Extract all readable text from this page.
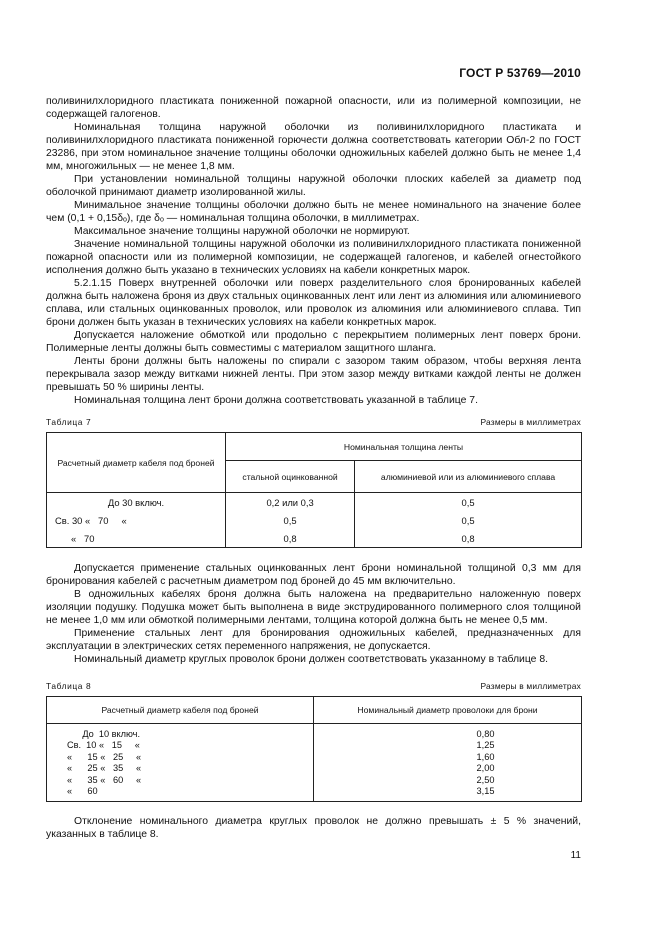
ГОСТ Р 53769—2010

поливинилхлоридного пластиката пониженной пожарной опасности, или из полимерной композиции, не содержащей галогенов.

Номинальная толщина наружной оболочки из поливинилхлоридного пластиката и поливинилхлоридного пластиката пониженной горючести должна соответствовать категории Обл-2 по ГОСТ 23286, при этом номинальное значение толщины оболочки одножильных кабелей должно быть не менее 1,4 мм, многожильных — не менее 1,8 мм.

При установлении номинальной толщины наружной оболочки плоских кабелей за диаметр под оболочкой принимают диаметр изолированной жилы.

Минимальное значение толщины оболочки должно быть не менее номинального на значение более чем (0,1 + 0,15δₒ), где δₒ — номинальная толщина оболочки, в миллиметрах.

Максимальное значение толщины наружной оболочки не нормируют.

Значение номинальной толщины наружной оболочки из поливинилхлоридного пластиката пониженной пожарной опасности или из полимерной композиции, не содержащей галогенов, и кабелей огнестойкого исполнения должно быть указано в технических условиях на кабели конкретных марок.

5.2.1.15 Поверх внутренней оболочки или поверх разделительного слоя бронированных кабелей должна быть наложена броня из двух стальных оцинкованных лент или лент из алюминия или алюминиевого сплава, или стальных оцинкованных проволок, или проволок из алюминия или алюминиевого сплава. Тип брони должен быть указан в технических условиях на кабели конкретных марок.

Допускается наложение обмоткой или продольно с перекрытием полимерных лент поверх брони. Полимерные ленты должны быть совместимы с материалом защитного шланга.

Ленты брони должны быть наложены по спирали с зазором таким образом, чтобы верхняя лента перекрывала зазор между витками нижней ленты. При этом зазор между витками каждой ленты не должен превышать 50 % ширины ленты.

Номинальная толщина лент брони должна соответствовать указанной в таблице 7.

Таблица 7	Размеры в миллиметрах
Расчетный диаметр кабеля под броней	Номинальная толщина ленты	
	стальной оцинкованной	алюминиевой или из алюминиевого сплава
До 30 включ.	0,2 или 0,3	0,5
Св. 30 «   70     «	0,5	0,5
«   70	0,8	0,8

Допускается применение стальных оцинкованных лент брони номинальной толщиной 0,3 мм для бронирования кабелей с расчетным диаметром под броней до 45 мм включительно.

В одножильных кабелях броня должна быть наложена на предварительно наложенную поверх изоляции подушку. Подушка может быть выполнена в виде экструдированного полимерного слоя толщиной не менее 1,0 мм или обмоткой полимерными лентами, толщина которой должна быть не менее 0,5 мм.

Применение стальных лент для бронирования одножильных кабелей, предназначенных для эксплуатации в электрических сетях переменного напряжения, не допускается.

Номинальный диаметр круглых проволок брони должен соответствовать указанному в таблице 8.

Таблица 8	Размеры в миллиметрах
Расчетный диаметр кабеля под броней	Номинальный диаметр проволоки для брони
До  10 включ.	0,80
Св.  10 «   15     «	1,25
«      15 «   25     «	1,60
«      25 «   35     «	2,00
«      35 «   60     «	2,50
«      60	3,15

Отклонение номинального диаметра круглых проволок не должно превышать ± 5 % значений, указанных в таблице 8.

11
